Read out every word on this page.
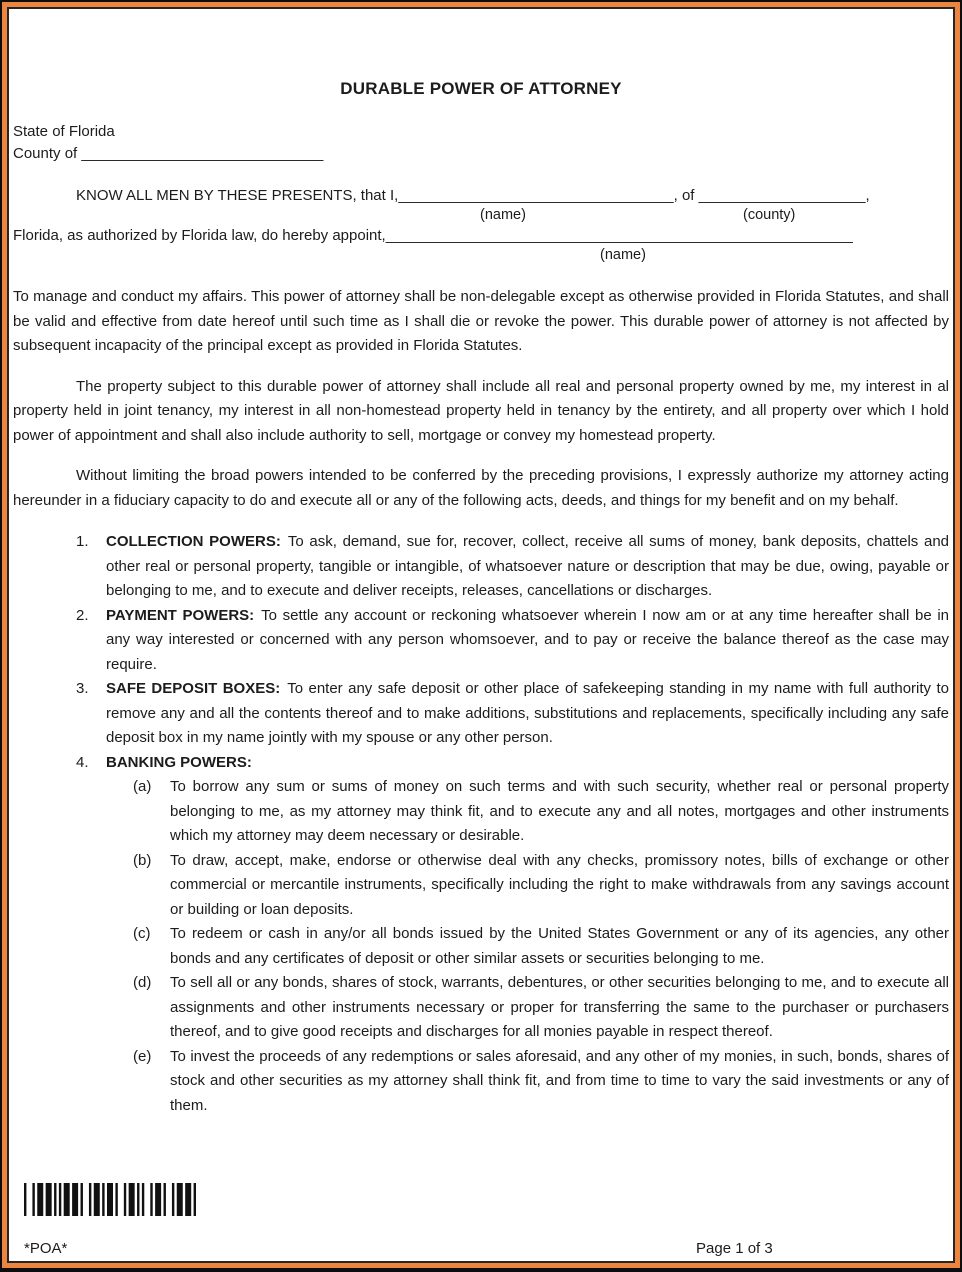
DURABLE POWER OF ATTORNEY
State of Florida
County of _____________________________
KNOW ALL MEN BY THESE PRESENTS, that I,_________________________________, of ____________________,
(name)	(county)
Florida, as authorized by Florida law, do hereby appoint,________________________________________________________
(name)

To manage and conduct my affairs. This power of attorney shall be non-delegable except as otherwise provided in Florida Statutes, and shall be valid and effective from date hereof until such time as I shall die or revoke the power. This durable power of attorney is not affected by subsequent incapacity of the principal except as provided in Florida Statutes.

The property subject to this durable power of attorney shall include all real and personal property owned by me, my interest in al property held in joint tenancy, my interest in all non-homestead property held in tenancy by the entirety, and all property over which I hold power of appointment and shall also include authority to sell, mortgage or convey my homestead property.

Without limiting the broad powers intended to be conferred by the preceding provisions, I expressly authorize my attorney acting hereunder in a fiduciary capacity to do and execute all or any of the following acts, deeds, and things for my benefit and on my behalf.

1. COLLECTION POWERS: To ask, demand, sue for, recover, collect, receive all sums of money, bank deposits, chattels and other real or personal property, tangible or intangible, of whatsoever nature or description that may be due, owing, payable or belonging to me, and to execute and deliver receipts, releases, cancellations or discharges.
2. PAYMENT POWERS: To settle any account or reckoning whatsoever wherein I now am or at any time hereafter shall be in any way interested or concerned with any person whomsoever, and to pay or receive the balance thereof as the case may require.
3. SAFE DEPOSIT BOXES: To enter any safe deposit or other place of safekeeping standing in my name with full authority to remove any and all the contents thereof and to make additions, substitutions and replacements, specifically including any safe deposit box in my name jointly with my spouse or any other person.
4. BANKING POWERS:
(a) To borrow any sum or sums of money on such terms and with such security, whether real or personal property belonging to me, as my attorney may think fit, and to execute any and all notes, mortgages and other instruments which my attorney may deem necessary or desirable.
(b) To draw, accept, make, endorse or otherwise deal with any checks, promissory notes, bills of exchange or other commercial or mercantile instruments, specifically including the right to make withdrawals from any savings account or building or loan deposits.
(c) To redeem or cash in any/or all bonds issued by the United States Government or any of its agencies, any other bonds and any certificates of deposit or other similar assets or securities belonging to me.
(d) To sell all or any bonds, shares of stock, warrants, debentures, or other securities belonging to me, and to execute all assignments and other instruments necessary or proper for transferring the same to the purchaser or purchasers thereof, and to give good receipts and discharges for all monies payable in respect thereof.
(e) To invest the proceeds of any redemptions or sales aforesaid, and any other of my monies, in such, bonds, shares of stock and other securities as my attorney shall think fit, and from time to time to vary the said investments or any of them.
*POA*	Page 1 of 3
